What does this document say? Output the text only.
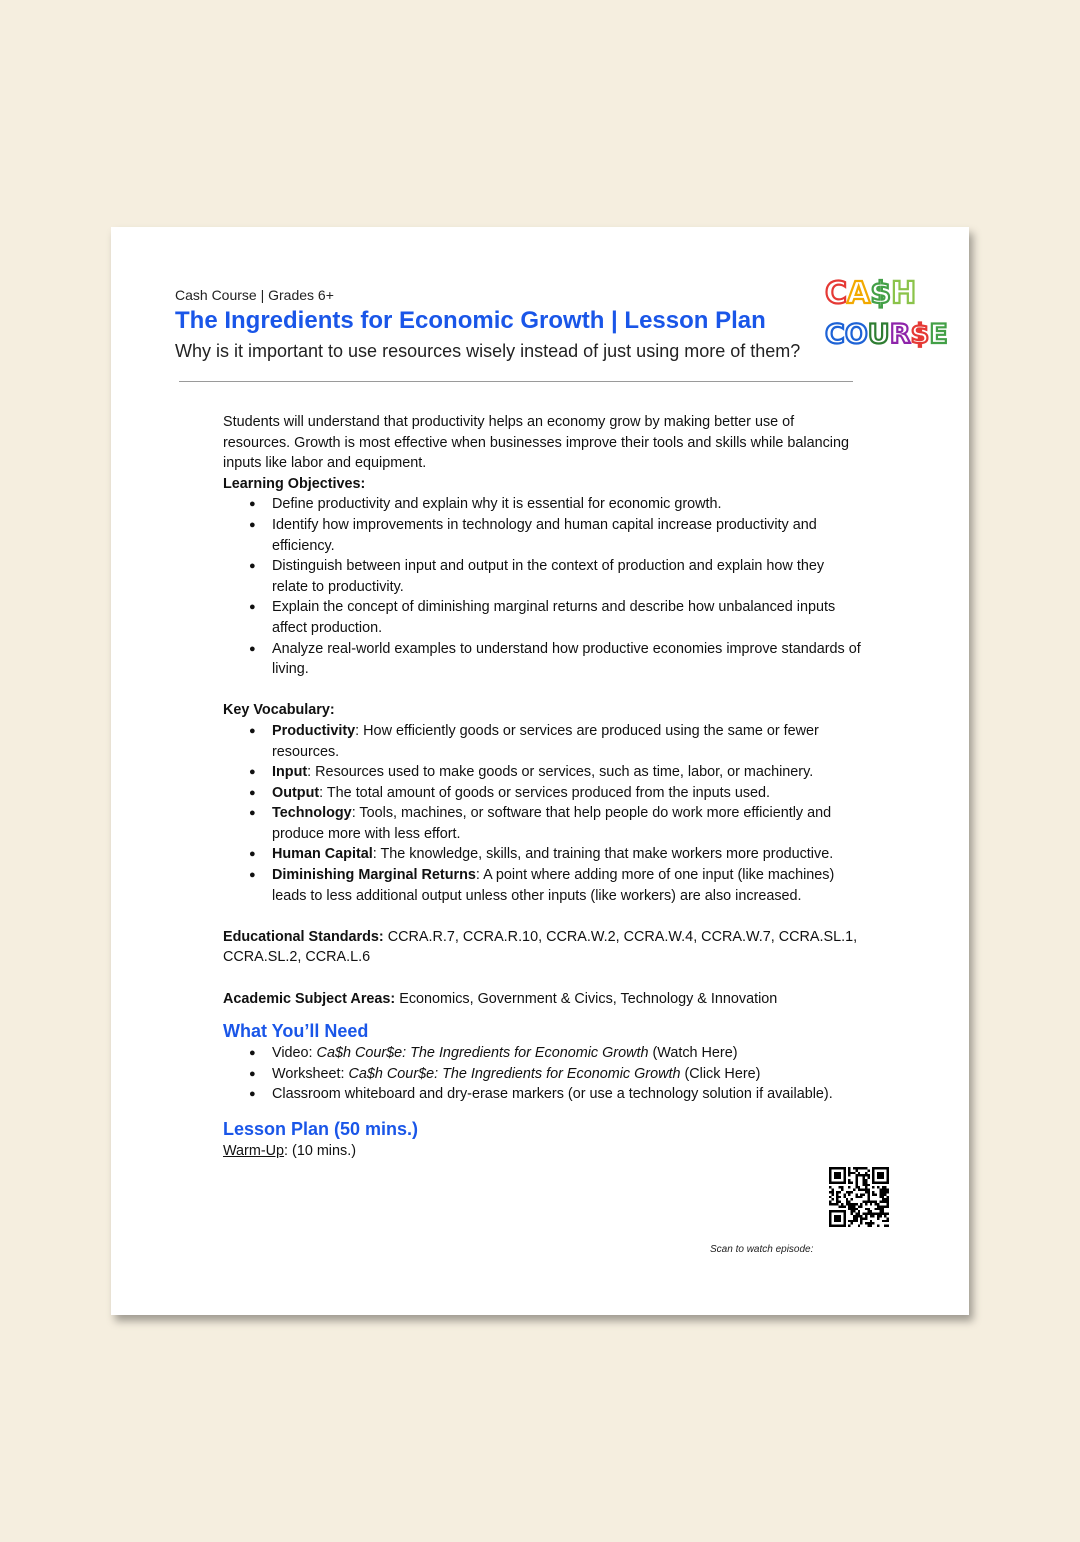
Cash Course | Grades 6+
The Ingredients for Economic Growth | Lesson Plan
Why is it important to use resources wisely instead of just using more of them?
CA$H
COUR$E

Students will understand that productivity helps an economy grow by making better use of resources. Growth is most effective when businesses improve their tools and skills while balancing inputs like labor and equipment.

Learning Objectives:

● Define productivity and explain why it is essential for economic growth.
● Identify how improvements in technology and human capital increase productivity and efficiency.
● Distinguish between input and output in the context of production and explain how they relate to productivity.
● Explain the concept of diminishing marginal returns and describe how unbalanced inputs affect production.
● Analyze real-world examples to understand how productive economies improve standards of living.

Key Vocabulary:

● Productivity: How efficiently goods or services are produced using the same or fewer resources.
● Input: Resources used to make goods or services, such as time, labor, or machinery.
● Output: The total amount of goods or services produced from the inputs used.
● Technology: Tools, machines, or software that help people do work more efficiently and produce more with less effort.
● Human Capital: The knowledge, skills, and training that make workers more productive.
● Diminishing Marginal Returns: A point where adding more of one input (like machines) leads to less additional output unless other inputs (like workers) are also increased.

Educational Standards: CCRA.R.7, CCRA.R.10, CCRA.W.2, CCRA.W.4, CCRA.W.7, CCRA.SL.1, CCRA.SL.2, CCRA.L.6

Academic Subject Areas: Economics, Government & Civics, Technology & Innovation

What You’ll Need
● Video: Ca$h Cour$e: The Ingredients for Economic Growth (Watch Here)
● Worksheet: Ca$h Cour$e: The Ingredients for Economic Growth (Click Here)
● Classroom whiteboard and dry-erase markers (or use a technology solution if available).
Lesson Plan (50 mins.)

Warm-Up: (10 mins.)

Scan to watch episode:
